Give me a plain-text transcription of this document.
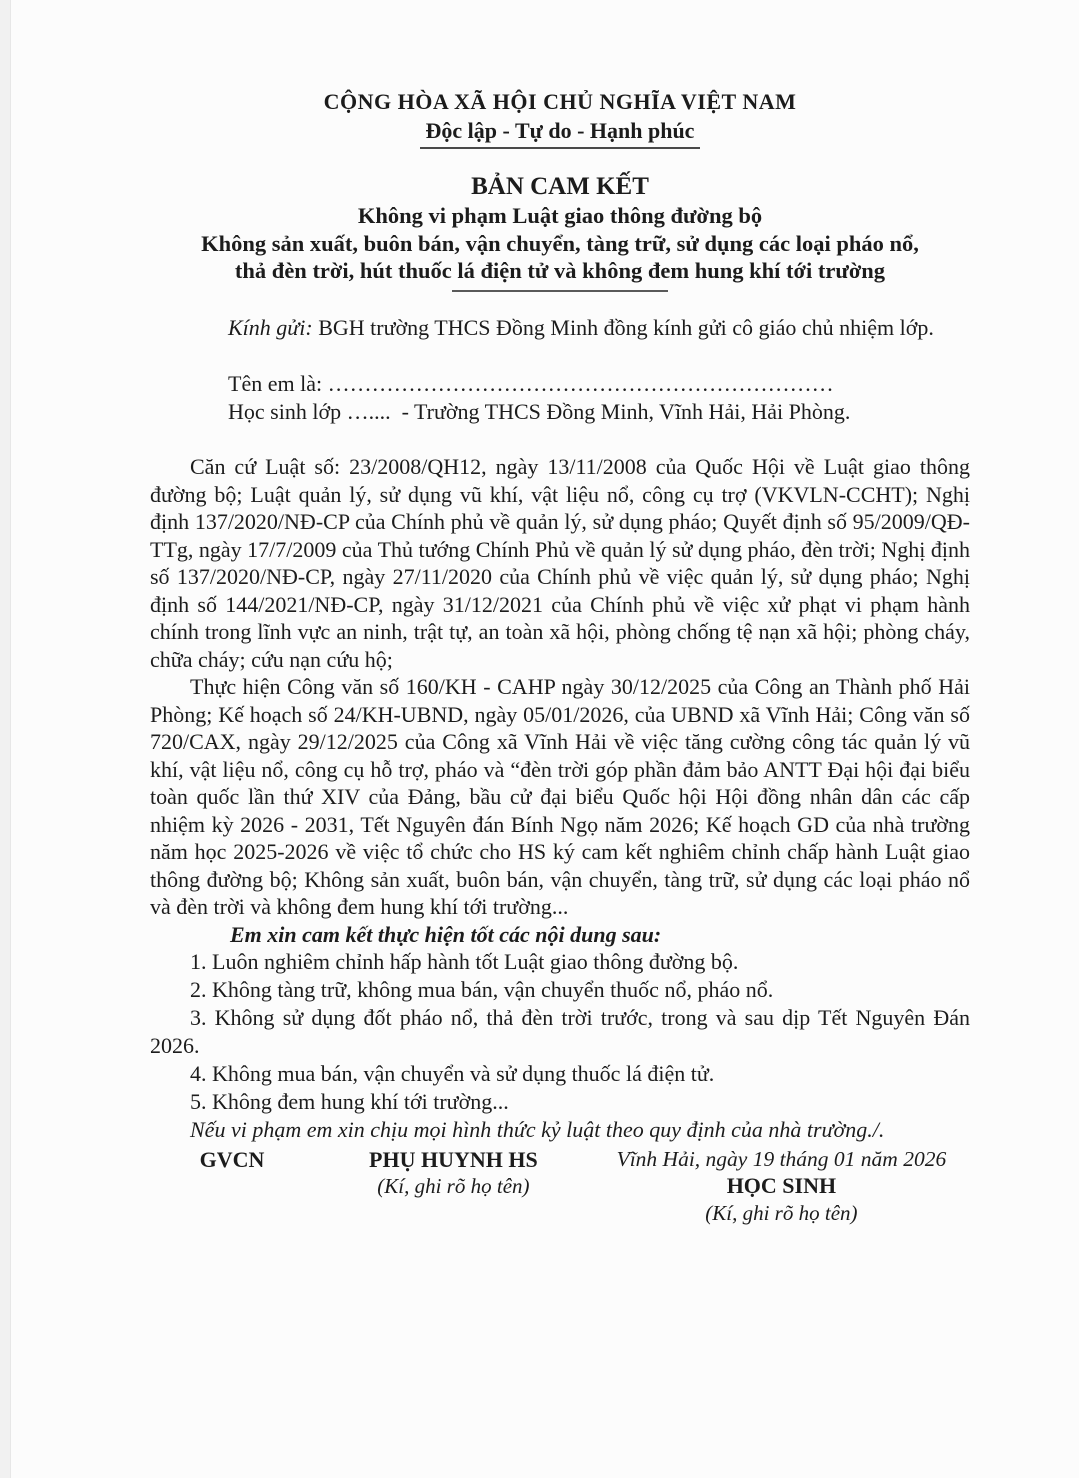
CỘNG HÒA XÃ HỘI CHỦ NGHĨA VIỆT NAM
Độc lập - Tự do - Hạnh phúc
BẢN CAM KẾT
Không vi phạm Luật giao thông đường bộ
Không sản xuất, buôn bán, vận chuyển, tàng trữ, sử dụng các loại pháo nổ,
thả đèn trời, hút thuốc lá điện tử và không đem hung khí tới trường
Kính gửi: BGH trường THCS Đồng Minh đồng kính gửi cô giáo chủ nhiệm lớp.
Tên em là: ……………………………………………………………
Học sinh lớp …....  - Trường THCS Đồng Minh, Vĩnh Hải, Hải Phòng.

Căn cứ Luật số: 23/2008/QH12, ngày 13/11/2008 của Quốc Hội về Luật giao thông đường bộ; Luật quản lý, sử dụng vũ khí, vật liệu nổ, công cụ trợ (VKVLN-CCHT); Nghị định 137/2020/NĐ-CP của Chính phủ về quản lý, sử dụng pháo; Quyết định số 95/2009/QĐ-TTg, ngày 17/7/2009 của Thủ tướng Chính Phủ về quản lý sử dụng pháo, đèn trời; Nghị định số 137/2020/NĐ-CP, ngày 27/11/2020 của Chính phủ về việc quản lý, sử dụng pháo; Nghị định số 144/2021/NĐ-CP, ngày 31/12/2021 của Chính phủ về việc xử phạt vi phạm hành chính trong lĩnh vực an ninh, trật tự, an toàn xã hội, phòng chống tệ nạn xã hội; phòng cháy, chữa cháy; cứu nạn cứu hộ;

Thực hiện Công văn số 160/KH - CAHP ngày 30/12/2025 của Công an Thành phố Hải Phòng; Kế hoạch số 24/KH-UBND, ngày 05/01/2026, của UBND xã Vĩnh Hải; Công văn số 720/CAX, ngày 29/12/2025 của Công xã Vĩnh Hải về việc tăng cường công tác quản lý vũ khí, vật liệu nổ, công cụ hỗ trợ, pháo và “đèn trời góp phần đảm bảo ANTT Đại hội đại biểu toàn quốc lần thứ XIV của Đảng, bầu cử đại biểu Quốc hội Hội đồng nhân dân các cấp nhiệm kỳ 2026 - 2031, Tết Nguyên đán Bính Ngọ năm 2026; Kế hoạch GD của nhà trường năm học 2025-2026 về việc tổ chức cho HS ký cam kết nghiêm chỉnh chấp hành Luật giao thông đường bộ; Không sản xuất, buôn bán, vận chuyển, tàng trữ, sử dụng các loại pháo nổ và đèn trời và không đem hung khí tới trường...

Em xin cam kết thực hiện tốt các nội dung sau:

1. Luôn nghiêm chỉnh hấp hành tốt Luật giao thông đường bộ.

2. Không tàng trữ, không mua bán, vận chuyển thuốc nổ, pháo nổ.

3. Không sử dụng đốt pháo nổ, thả đèn trời trước, trong và sau dịp Tết Nguyên Đán 2026.

4. Không mua bán, vận chuyển và sử dụng thuốc lá điện tử.

5. Không đem hung khí tới trường...

Nếu vi phạm em xin chịu mọi hình thức kỷ luật theo quy định của nhà trường./.

GVCN	PHỤ HUYNH HS
(Kí, ghi rõ họ tên)
Vĩnh Hải, ngày 19 tháng 01 năm 2026
HỌC SINH
(Kí, ghi rõ họ tên)
